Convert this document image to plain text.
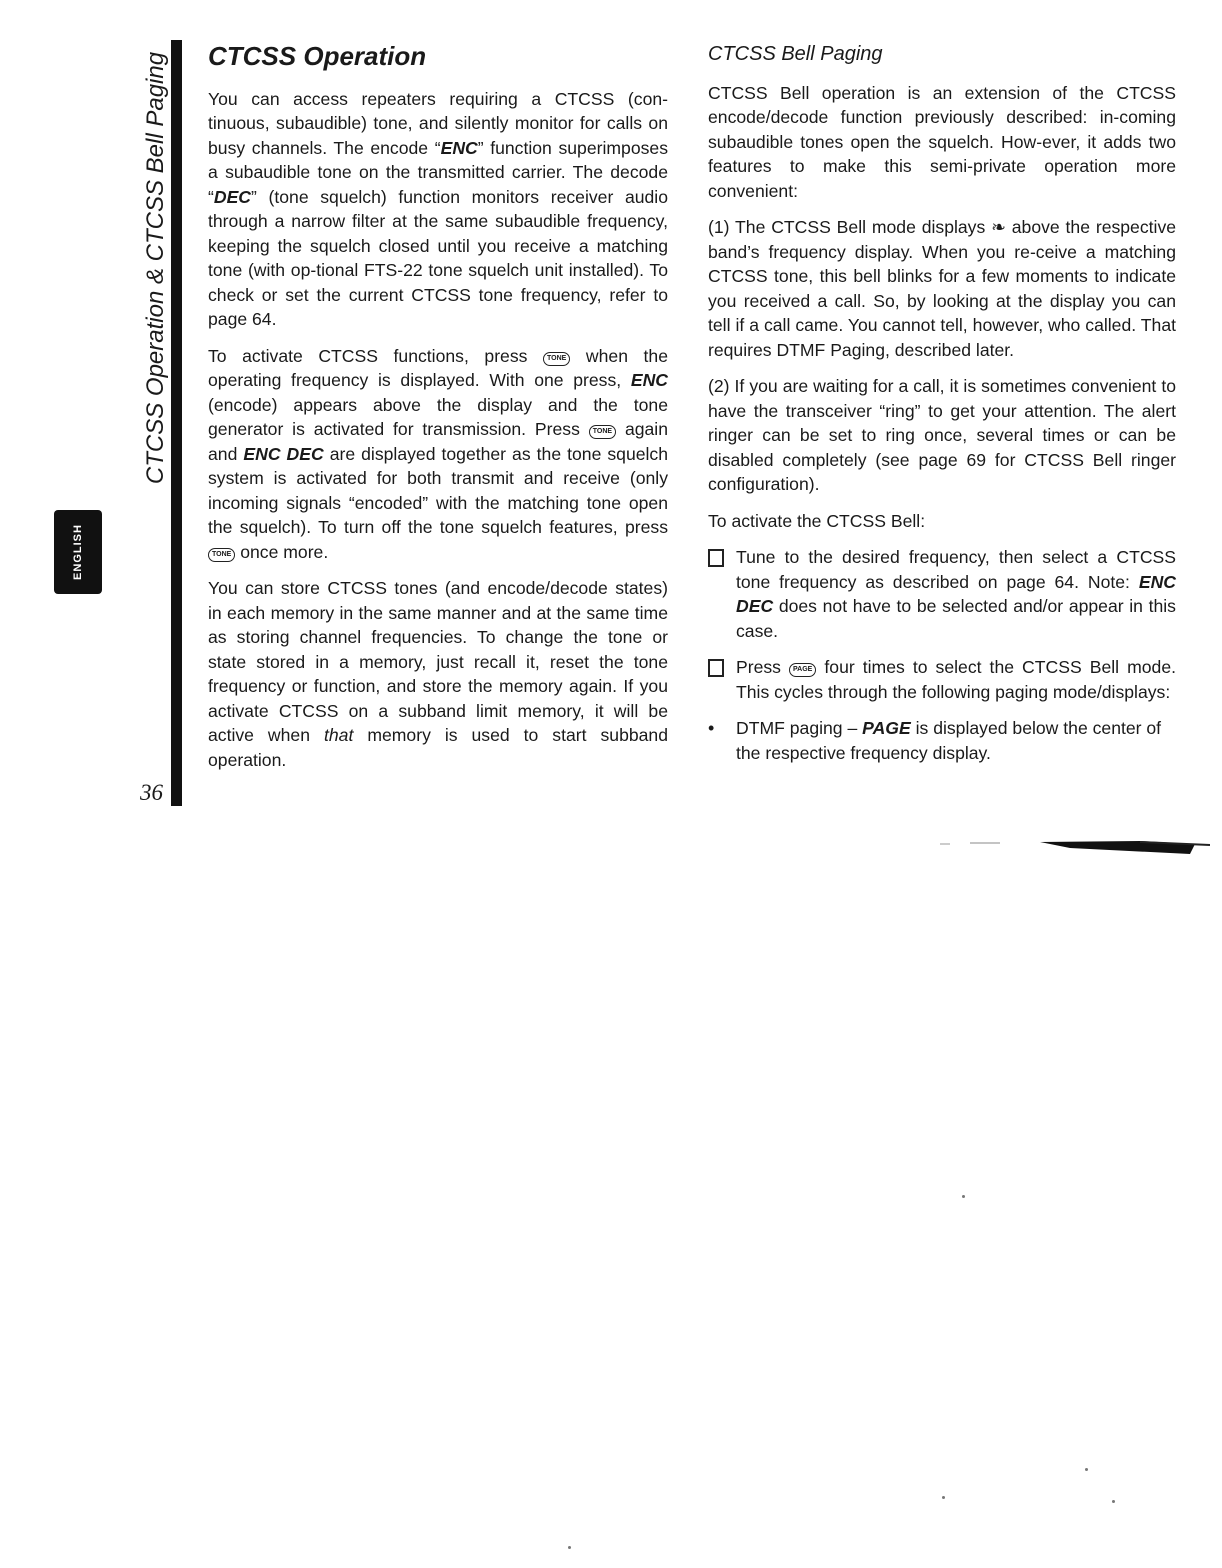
CTCSS Operation & CTCSS Bell Paging
ENGLISH
36
CTCSS Operation

You can access repeaters requiring a CTCSS (con-tinuous, subaudible) tone, and silently monitor for calls on busy channels. The encode “ENC” function superimposes a subaudible tone on the transmitted carrier. The decode “DEC” (tone squelch) function monitors receiver audio through a narrow filter at the same subaudible frequency, keeping the squelch closed until you receive a matching tone (with op-tional FTS-22 tone squelch unit installed). To check or set the current CTCSS tone frequency, refer to page 64.

To activate CTCSS functions, press	TONE when the operating frequency is displayed. With one press, ENC (encode) appears above the display and the tone generator is activated for transmission. Press TONE again and ENC DEC are displayed together as the tone squelch system is activated for both transmit and receive (only incoming signals “encoded” with the matching tone open the squelch). To turn off the tone squelch features, press TONE once more.

You can store CTCSS tones (and encode/decode states) in each memory in the same manner and at the same time as storing channel frequencies. To change the tone or state stored in a memory, just recall it, reset the tone frequency or function, and store the memory again. If you activate CTCSS on a subband limit memory, it will be active when that memory is used to start subband operation.

CTCSS Bell Paging

CTCSS Bell operation is an extension of the CTCSS encode/decode function previously described: in-coming subaudible tones open the squelch. How-ever, it adds two features to make this semi-private operation more convenient:

(1) The CTCSS Bell mode displays ❧ above the respective band’s frequency display. When you re-ceive a matching CTCSS tone, this bell blinks for a few moments to indicate you received a call. So, by looking at the display you can tell if a call came. You cannot tell, however, who called. That requires DTMF Paging, described later.

(2) If you are waiting for a call, it is sometimes convenient to have the transceiver “ring” to get your attention. The alert ringer can be set to ring once, several times or can be disabled completely (see page 69 for CTCSS Bell ringer configuration).

To activate the CTCSS Bell:

Tune to the desired frequency, then select a CTCSS tone frequency as described on page 64. Note: ENC DEC does not have to be selected and/or appear in this case.
Press PAGE four times to select the CTCSS Bell mode. This cycles through the following paging mode/displays:
•	DTMF paging – PAGE is displayed below the center of the respective frequency display.
